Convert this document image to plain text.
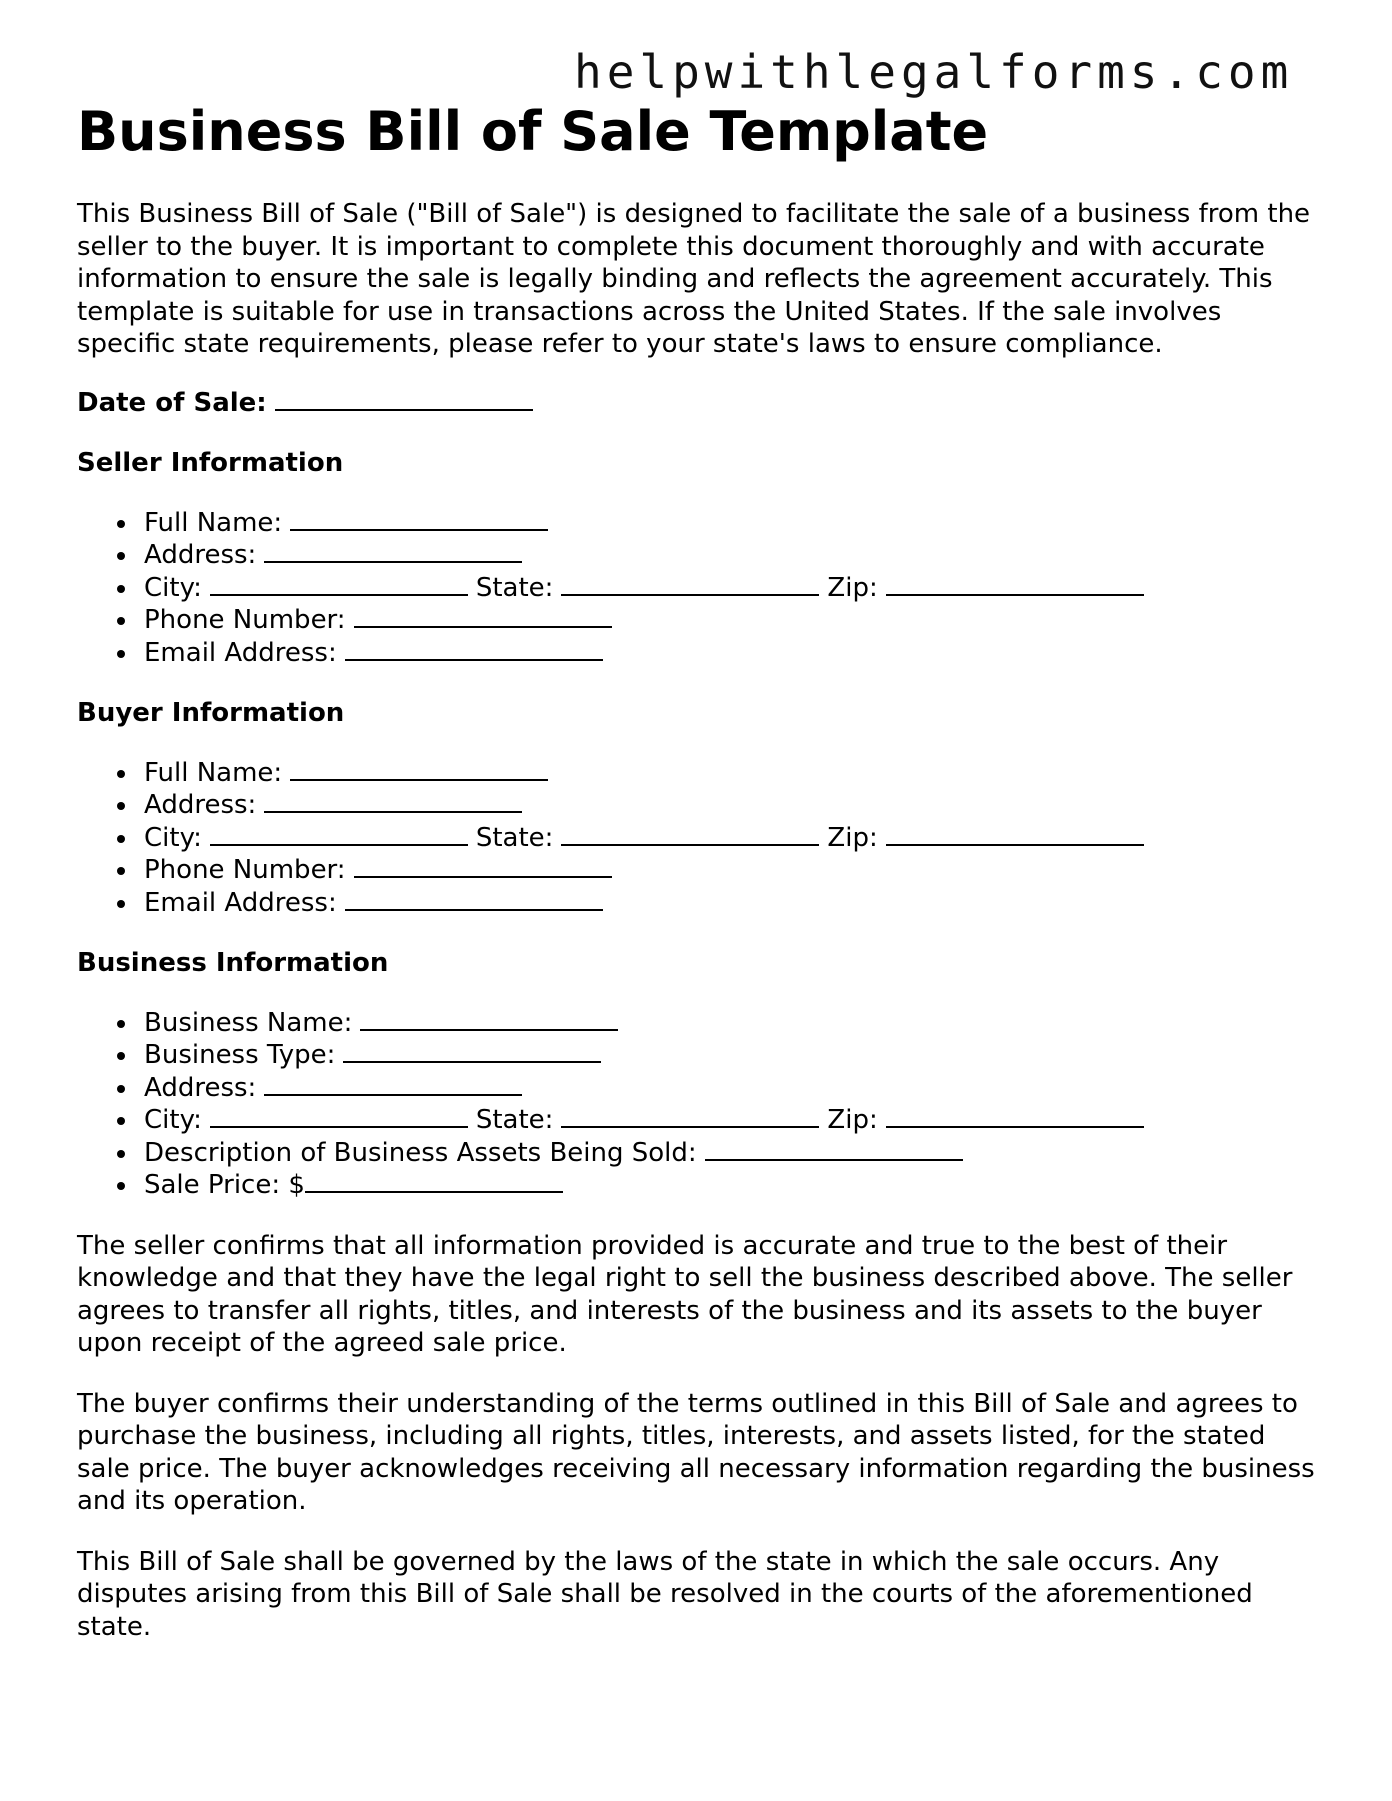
helpwithlegalforms.com
Business Bill of Sale Template

This Business Bill of Sale ("Bill of Sale") is designed to facilitate the sale of a business from the seller to the buyer. It is important to complete this document thoroughly and with accurate information to ensure the sale is legally binding and reflects the agreement accurately. This template is suitable for use in transactions across the United States. If the sale involves specific state requirements, please refer to your state's laws to ensure compliance.

Date of Sale:
Seller Information
Full Name:
Address:
City:	State:	Zip:
Phone Number:
Email Address:
Buyer Information
Full Name:
Address:
City:	State:	Zip:
Phone Number:
Email Address:
Business Information
Business Name:
Business Type:
Address:
City:	State:	Zip:
Description of Business Assets Being Sold:
Sale Price: $

The seller confirms that all information provided is accurate and true to the best of their knowledge and that they have the legal right to sell the business described above. The seller agrees to transfer all rights, titles, and interests of the business and its assets to the buyer upon receipt of the agreed sale price.

The buyer confirms their understanding of the terms outlined in this Bill of Sale and agrees to purchase the business, including all rights, titles, interests, and assets listed, for the stated sale price. The buyer acknowledges receiving all necessary information regarding the business and its operation.

This Bill of Sale shall be governed by the laws of the state in which the sale occurs. Any disputes arising from this Bill of Sale shall be resolved in the courts of the aforementioned state.
